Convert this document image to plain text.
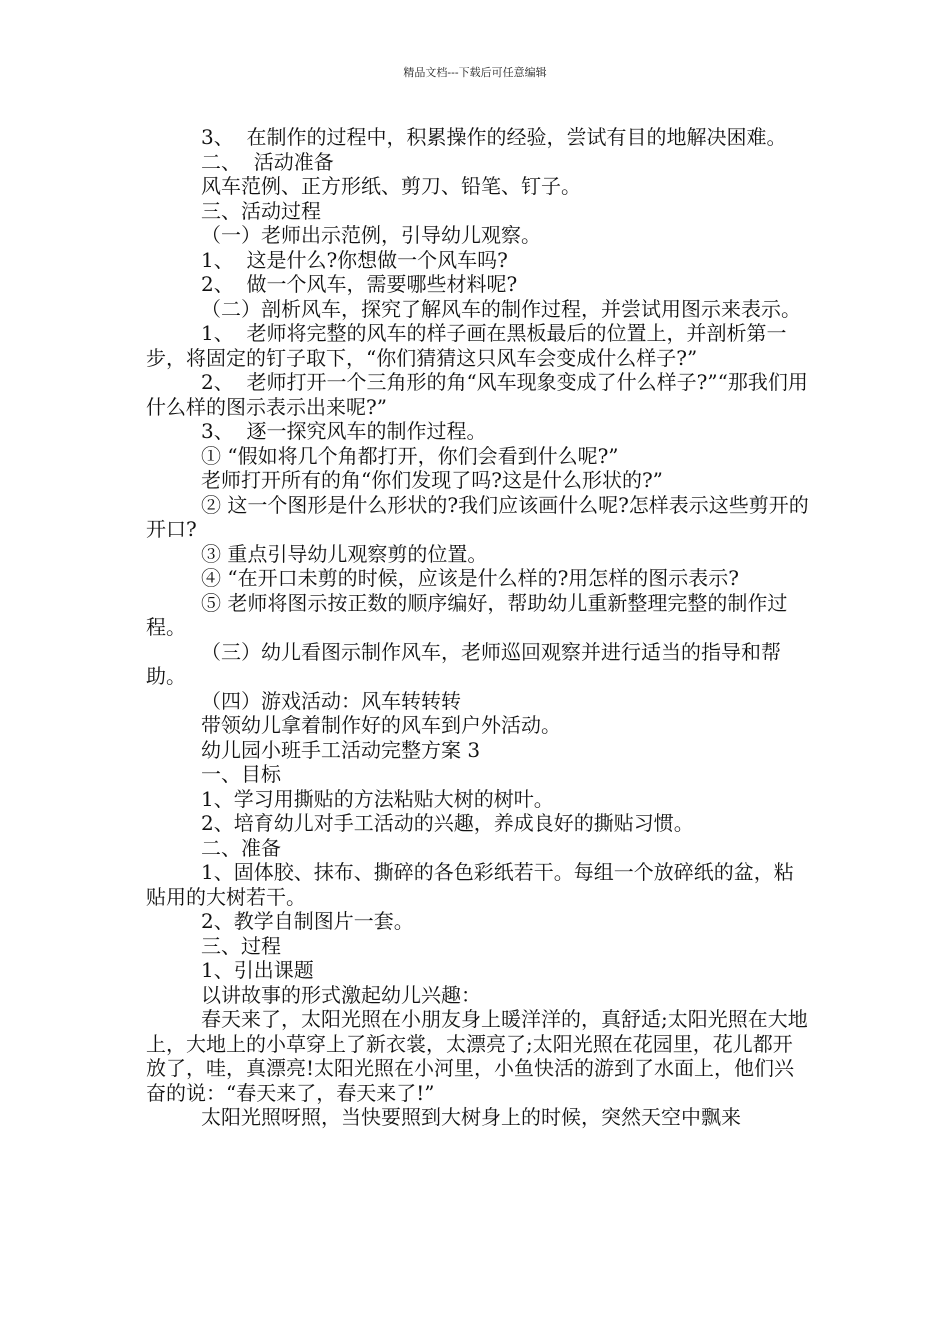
精品文档---下载后可任意编辑

3、  在制作的过程中，积累操作的经验，尝试有目的地解决困难。

二、  活动准备

风车范例、正方形纸、剪刀、铅笔、钉子。

三、活动过程

（一）老师出示范例，引导幼儿观察。

1、  这是什么?你想做一个风车吗?

2、  做一个风车，需要哪些材料呢?

（二）剖析风车，探究了解风车的制作过程，并尝试用图示来表示。

1、  老师将完整的风车的样子画在黑板最后的位置上，并剖析第一步，将固定的钉子取下，“你们猜猜这只风车会变成什么样子?”

2、  老师打开一个三角形的角“风车现象变成了什么样子?”“那我们用什么样的图示表示出来呢?”

3、  逐一探究风车的制作过程。

① “假如将几个角都打开，你们会看到什么呢?”

老师打开所有的角“你们发现了吗?这是什么形状的?”

② 这一个图形是什么形状的?我们应该画什么呢?怎样表示这些剪开的开口?

③ 重点引导幼儿观察剪的位置。

④ “在开口未剪的时候，应该是什么样的?用怎样的图示表示?

⑤ 老师将图示按正数的顺序编好，帮助幼儿重新整理完整的制作过程。

（三）幼儿看图示制作风车，老师巡回观察并进行适当的指导和帮助。

（四）游戏活动：风车转转转

带领幼儿拿着制作好的风车到户外活动。

幼儿园小班手工活动完整方案 3

一、目标

1、学习用撕贴的方法粘贴大树的树叶。

2、培育幼儿对手工活动的兴趣，养成良好的撕贴习惯。

二、准备

1、固体胶、抹布、撕碎的各色彩纸若干。每组一个放碎纸的盆，粘贴用的大树若干。

2、教学自制图片一套。

三、过程

1、引出课题

以讲故事的形式激起幼儿兴趣：

春天来了，太阳光照在小朋友身上暖洋洋的，真舒适;太阳光照在大地上，大地上的小草穿上了新衣裳，太漂亮了;太阳光照在花园里，花儿都开放了，哇，真漂亮!太阳光照在小河里，小鱼快活的游到了水面上，他们兴奋的说：“春天来了，春天来了!”

太阳光照呀照，当快要照到大树身上的时候，突然天空中飘来
